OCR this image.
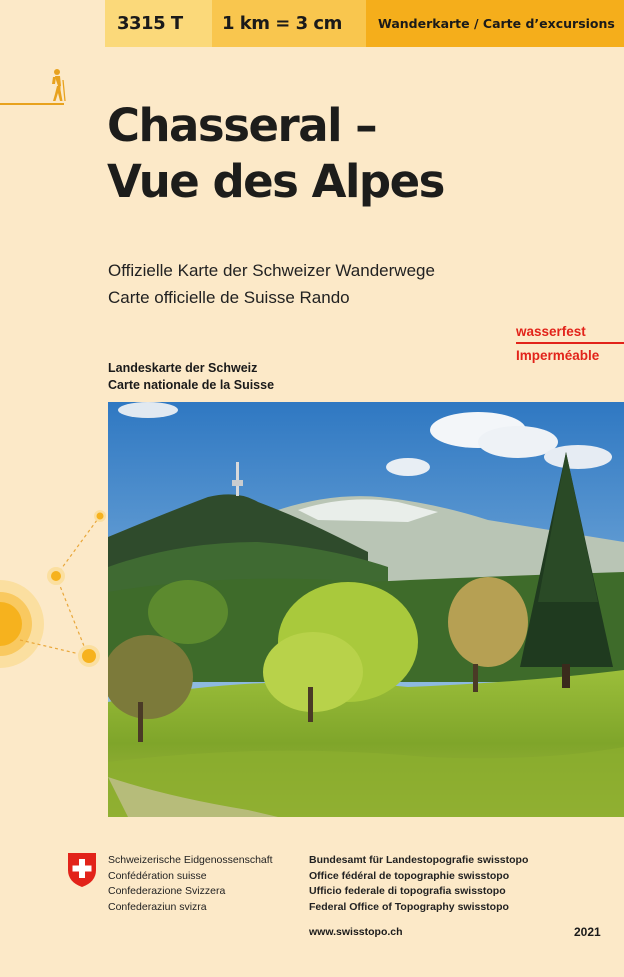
3315 T	1 km = 3 cm	Wanderkarte / Carte d’excursions
Chasseral –
Vue des Alpes
Offizielle Karte der Schweizer Wanderwege
Carte officielle de Suisse Rando
wasserfest
Imperméable
Landeskarte der Schweiz
Carte nationale de la Suisse
Schweizerische Eidgenossenschaft
Confédération suisse
Confederazione Svizzera
Confederaziun svizra
Bundesamt für Landestopografie swisstopo
Office fédéral de topographie swisstopo
Ufficio federale di topografia swisstopo
Federal Office of Topography swisstopo
www.swisstopo.ch	2021
